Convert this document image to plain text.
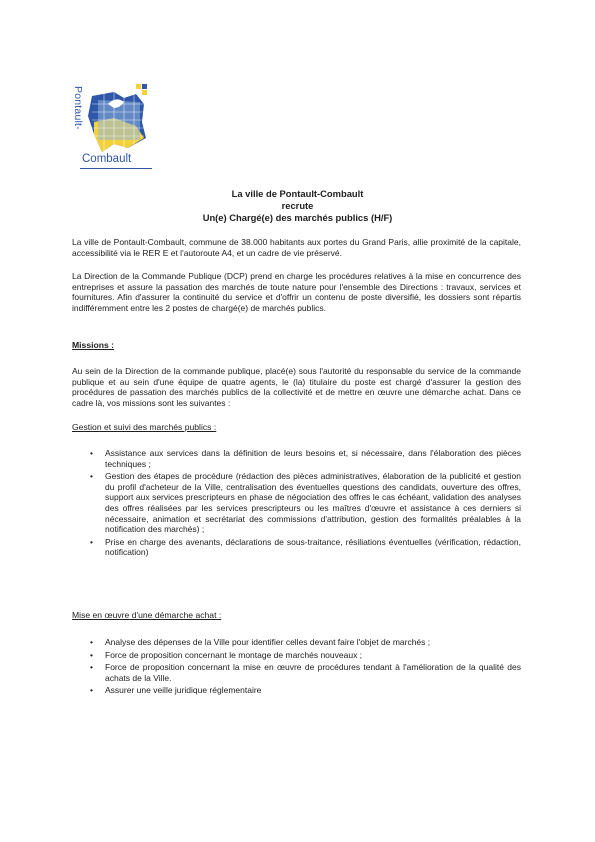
Pontault-
Combault
La ville de Pontault-Combault
recrute
Un(e) Chargé(e) des marchés publics (H/F)

La ville de Pontault-Combault, commune de 38.000 habitants aux portes du Grand Paris, allie proximité de la capitale, accessibilité via le RER E et l'autoroute A4, et un cadre de vie préservé.

La Direction de la Commande Publique (DCP) prend en charge les procédures relatives à la mise en concurrence des entreprises et assure la passation des marchés de toute nature pour l'ensemble des Directions : travaux, services et fournitures. Afin d'assurer la continuité du service et d'offrir un contenu de poste diversifié, les dossiers sont répartis indifféremment entre les 2 postes de chargé(e) de marchés publics.

Missions :

Au sein de la Direction de la commande publique, placé(e) sous l'autorité du responsable du service de la commande publique et au sein d'une équipe de quatre agents, le (la) titulaire du poste est chargé d'assurer la gestion des procédures de passation des marchés publics de la collectivité et de mettre en œuvre une démarche achat. Dans ce cadre là, vos missions sont les suivantes :

Gestion et suivi des marchés publics :
• Assistance aux services dans la définition de leurs besoins et, si nécessaire, dans l'élaboration des pièces techniques ;
• Gestion des étapes de procédure (rédaction des pièces administratives, élaboration de la publicité et gestion du profil d'acheteur de la Ville, centralisation des éventuelles questions des candidats, ouverture des offres, support aux services prescripteurs en phase de négociation des offres le cas échéant, validation des analyses des offres réalisées par les services prescripteurs ou les maîtres d'œuvre et assistance à ces derniers si nécessaire, animation et secrétariat des commissions d'attribution, gestion des formalités préalables à la notification des marchés) ;
• Prise en charge des avenants, déclarations de sous-traitance, résiliations éventuelles (vérification, rédaction, notification)
Mise en œuvre d'une démarche achat :
• Analyse des dépenses de la Ville pour identifier celles devant faire l'objet de marchés ;
• Force de proposition concernant le montage de marchés nouveaux ;
• Force de proposition concernant la mise en œuvre de procédures tendant à l'amélioration de la qualité des achats de la Ville.
• Assurer une veille juridique réglementaire
